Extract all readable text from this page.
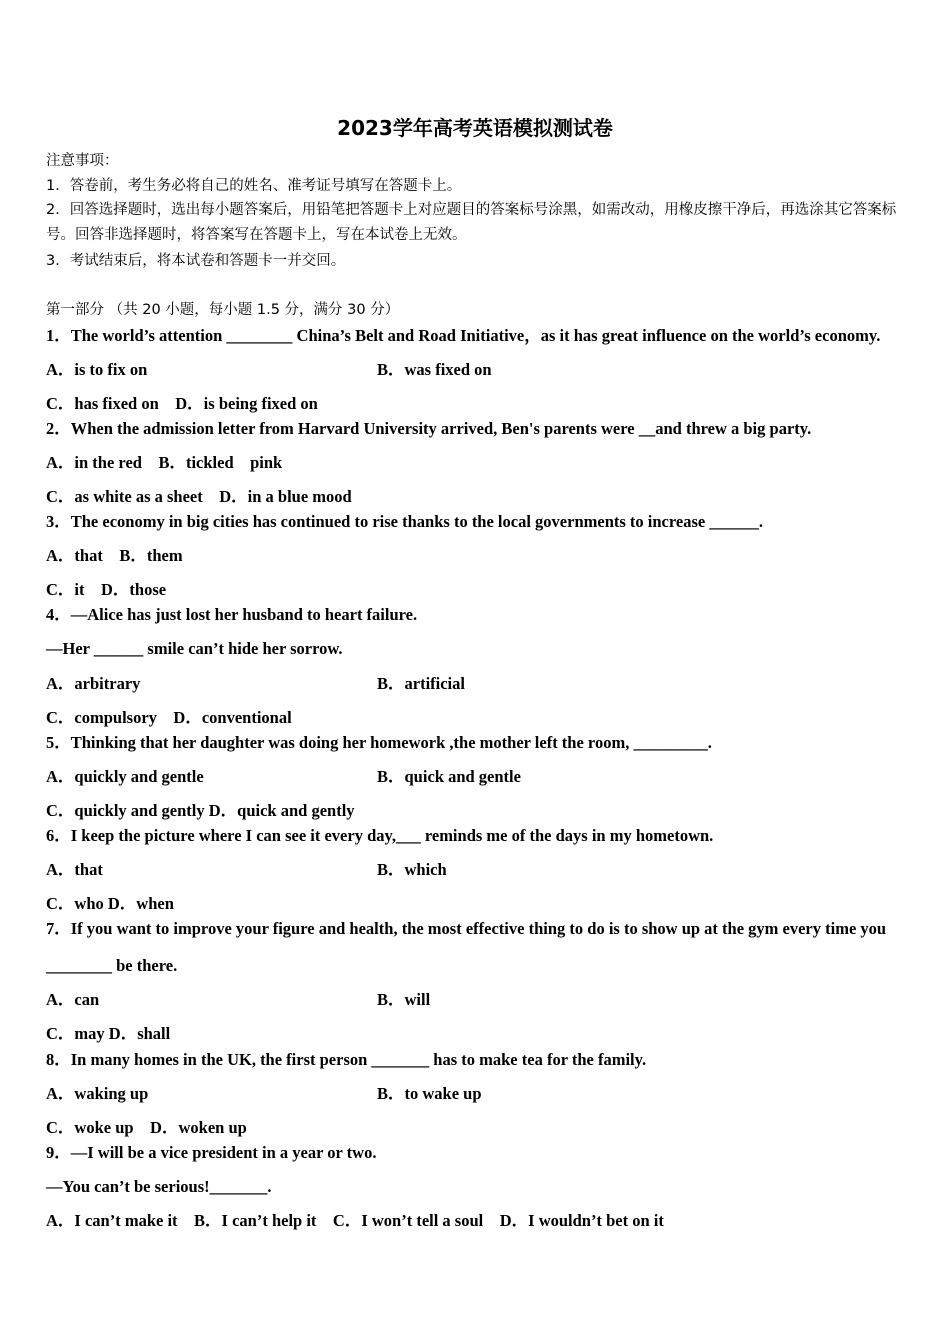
2023学年高考英语模拟测试卷
注意事项：
1．答卷前，考生务必将自己的姓名、准考证号填写在答题卡上。
2．回答选择题时，选出每小题答案后，用铅笔把答题卡上对应题目的答案标号涂黑，如需改动，用橡皮擦干净后，再选涂其它答案标号。回答非选择题时，将答案写在答题卡上，写在本试卷上无效。
3．考试结束后，将本试卷和答题卡一并交回。
第一部分 （共 20 小题，每小题 1.5 分，满分 30 分）
1．The world’s attention ________ China’s Belt and Road Initiative，as it has great influence on the world’s economy.
A．is to fix on	B．was fixed on
C．has fixed on　D．is being fixed on
2．When the admission letter from Harvard University arrived, Ben's parents were __and threw a big party.
A．in the red　B．tickled　pink
C．as white as a sheet　D．in a blue mood
3．The economy in big cities has continued to rise thanks to the local governments to increase ______.
A．that　B．them
C．it　D．those
4．—Alice has just lost her husband to heart failure.
—Her ______ smile can’t hide her sorrow.
A．arbitrary	B．artificial
C．compulsory　D．conventional
5．Thinking that her daughter was doing her homework ,the mother left the room, _________.
A．quickly and gentle	B．quick and gentle
C．quickly and gently D．quick and gently
6．I keep the picture where I can see it every day,___ reminds me of the days in my hometown.
A．that	B．which
C．who D．when
7．If you want to improve your figure and health, the most effective thing to do is to show up at the gym every time you
________ be there.
A．can	B．will
C．may D．shall
8．In many homes in the UK, the first person _______ has to make tea for the family.
A．waking up	B．to wake up
C．woke up　D．woken up
9．—I will be a vice president in a year or two.
—You can’t be serious!_______.
A．I can’t make it　B．I can’t help it　C．I won’t tell a soul　D．I wouldn’t bet on it
